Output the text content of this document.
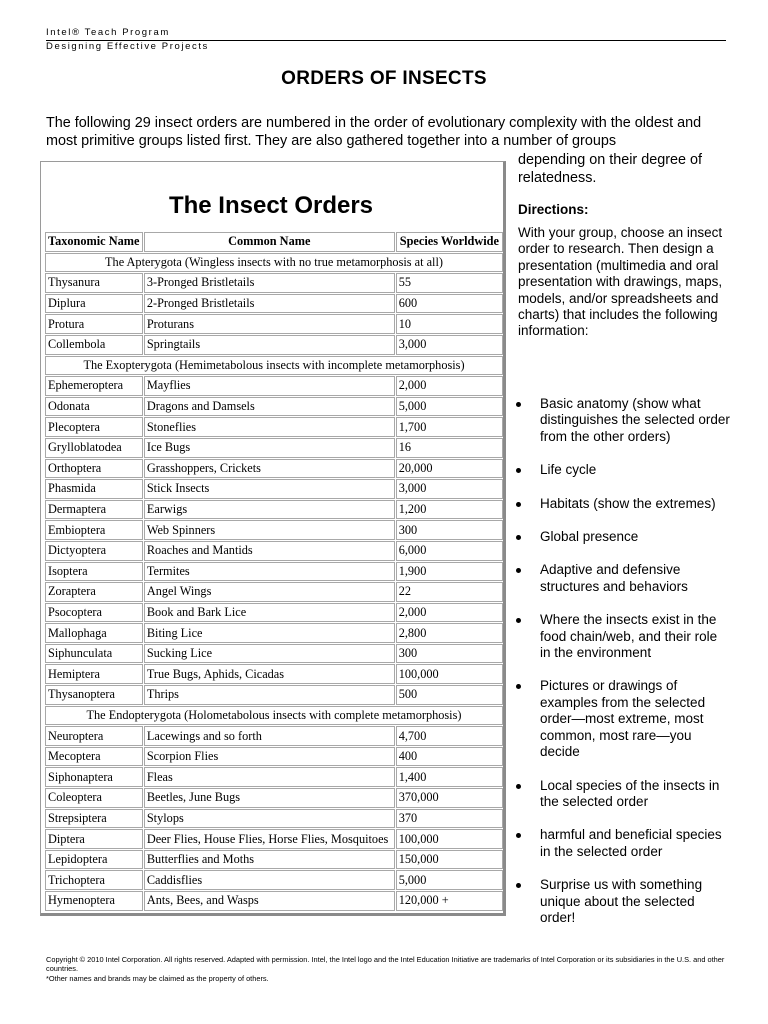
Intel® Teach Program
Designing Effective Projects
ORDERS OF INSECTS

The following 29 insect orders are numbered in the order of evolutionary complexity with the oldest and most primitive groups listed first. They are also gathered together into a number of groups

The Insect Orders
Taxonomic Name	Common Name	Species Worldwide
The Apterygota (Wingless insects with no true metamorphosis at all)		
Thysanura	3-Pronged Bristletails	55
Diplura	2-Pronged Bristletails	600
Protura	Proturans	10
Collembola	Springtails	3,000
The Exopterygota (Hemimetabolous insects with incomplete metamorphosis)		
Ephemeroptera	Mayflies	2,000
Odonata	Dragons and Damsels	5,000
Plecoptera	Stoneflies	1,700
Grylloblatodea	Ice Bugs	16
Orthoptera	Grasshoppers, Crickets	20,000
Phasmida	Stick Insects	3,000
Dermaptera	Earwigs	1,200
Embioptera	Web Spinners	300
Dictyoptera	Roaches and Mantids	6,000
Isoptera	Termites	1,900
Zoraptera	Angel Wings	22
Psocoptera	Book and Bark Lice	2,000
Mallophaga	Biting Lice	2,800
Siphunculata	Sucking Lice	300
Hemiptera	True Bugs, Aphids, Cicadas	100,000
Thysanoptera	Thrips	500
The Endopterygota (Holometabolous insects with complete metamorphosis)		
Neuroptera	Lacewings and so forth	4,700
Mecoptera	Scorpion Flies	400
Siphonaptera	Fleas	1,400
Coleoptera	Beetles, June Bugs	370,000
Strepsiptera	Stylops	370
Diptera	Deer Flies, House Flies, Horse Flies, Mosquitoes	100,000
Lepidoptera	Butterflies and Moths	150,000
Trichoptera	Caddisflies	5,000
Hymenoptera	Ants, Bees, and Wasps	120,000 +

depending on their degree of relatedness.

Directions:

With your group, choose an insect order to research. Then design a presentation (multimedia and oral presentation with drawings, maps, models, and/or spreadsheets and charts) that includes the following information:

Basic anatomy (show what distinguishes the selected order from the other orders)
Life cycle
Habitats (show the extremes)
Global presence
Adaptive and defensive structures and behaviors
Where the insects exist in the food chain/web, and their role in the environment
Pictures or drawings of examples from the selected order—most extreme, most common, most rare—you decide
Local species of the insects in the selected order
harmful and beneficial species in the selected order
Surprise us with something unique about the selected order!
Copyright © 2010 Intel Corporation. All rights reserved. Adapted with permission. Intel, the Intel logo and the Intel Education Initiative are trademarks of Intel Corporation or its subsidiaries in the U.S. and other countries.
*Other names and brands may be claimed as the property of others.
